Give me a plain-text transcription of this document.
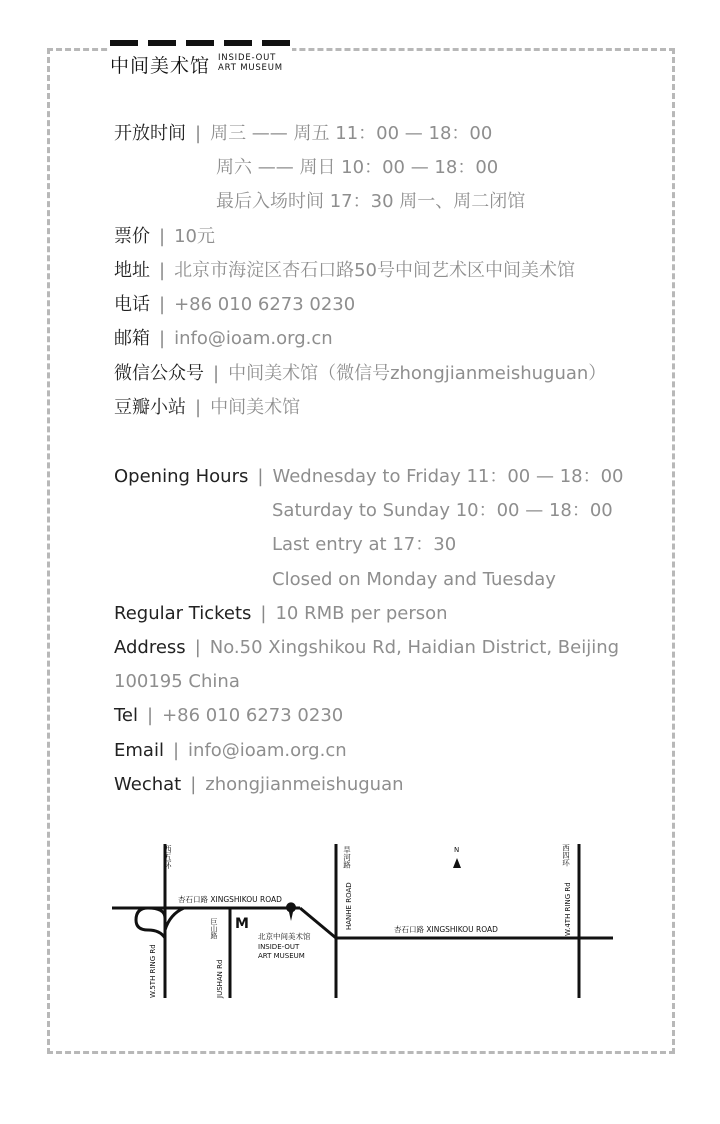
中间美术馆 INSIDE-OUT
ART MUSEUM
开放时间 | 周三 —— 周五 11：00 — 18：00
周六 —— 周日 10：00 — 18：00
最后入场时间 17：30 周一、周二闭馆
票价 | 10元
地址 | 北京市海淀区杏石口路50号中间艺术区中间美术馆
电话 | +86 010 6273 0230
邮箱 | info@ioam.org.cn
微信公众号 | 中间美术馆（微信号zhongjianmeishuguan）
豆瓣小站 | 中间美术馆
Opening Hours | Wednesday to Friday 11：00 — 18：00
Saturday to Sunday 10：00 — 18：00
Last entry at 17：30
Closed on Monday and Tuesday
Regular Tickets | 10 RMB per person
Address | No.50 Xingshikou Rd, Haidian District, Beijing
100195 China
Tel | +86 010 6273 0230
Email | info@ioam.org.cn
Wechat | zhongjianmeishuguan
西五环
杏石口路 XINGSHIKOU ROAD
杏石口路 XINGSHIKOU ROAD
W.5TH RING Rd
巨山路
JUSHAN Rd
旱河路
HANHE ROAD
西四环
W.4TH RING Rd
N
M
北京中间美术馆
INSIDE-OUT
ART MUSEUM
